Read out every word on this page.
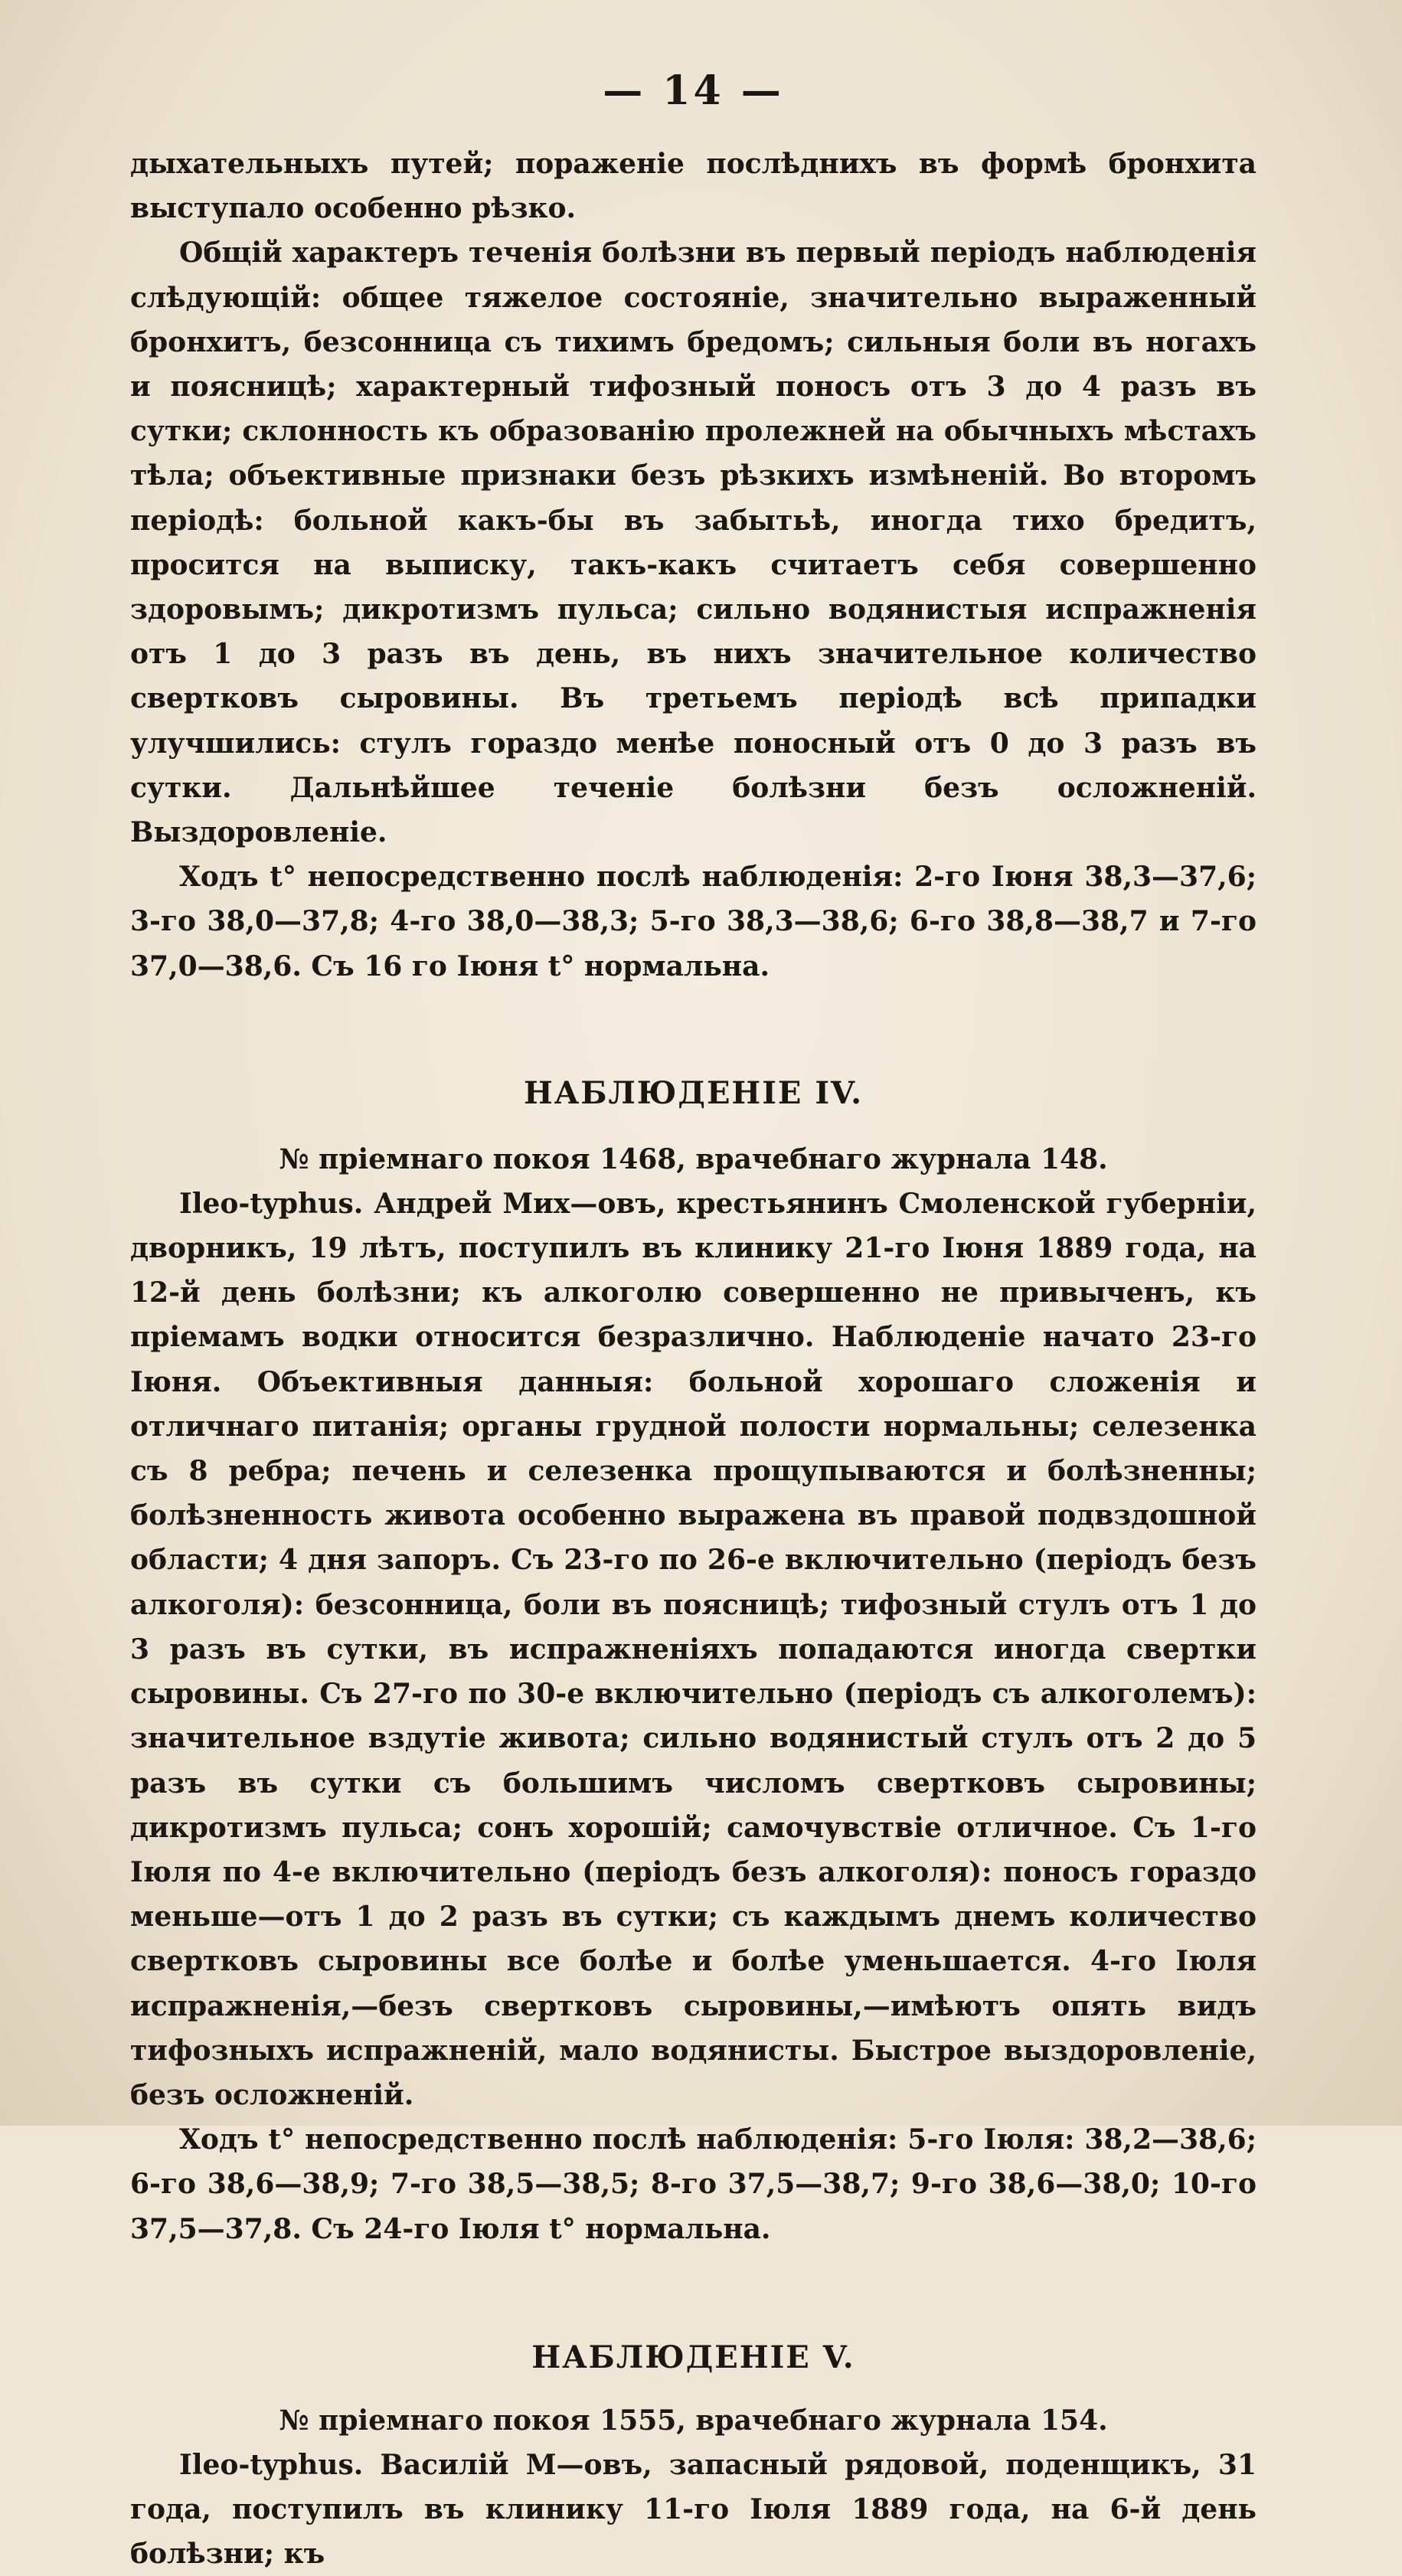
— 14 —

дыхательныхъ путей; пораженіе послѣднихъ въ формѣ бронхита выступало особенно рѣзко.

Общій характеръ теченія болѣзни въ первый періодъ наблюденія слѣдующій: общее тяжелое состояніе, значительно выраженный бронхитъ, безсонница съ тихимъ бредомъ; сильныя боли въ ногахъ и поясницѣ; характерный тифозный поносъ отъ 3 до 4 разъ въ сутки; склонность къ образованію пролежней на обычныхъ мѣстахъ тѣла; объективные признаки безъ рѣзкихъ измѣненій. Во второмъ періодѣ: больной какъ-бы въ забытьѣ, иногда тихо бредитъ, просится на выписку, такъ-какъ считаетъ себя совершенно здоровымъ; дикротизмъ пульса; сильно водянистыя испражненія отъ 1 до 3 разъ въ день, въ нихъ значительное количество свертковъ сыровины. Въ третьемъ періодѣ всѣ припадки улучшились: стулъ гораздо менѣе поносный отъ 0 до 3 разъ въ сутки. Дальнѣйшее теченіе болѣзни безъ осложненій. Выздоровленіе.

Ходъ t° непосредственно послѣ наблюденія: 2-го Іюня 38,3—37,6; 3-го 38,0—37,8; 4-го 38,0—38,3; 5-го 38,3—38,6; 6-го 38,8—38,7 и 7-го 37,0—38,6. Съ 16 го Іюня t° нормальна.

НАБЛЮДЕНІЕ IV.
№ пріемнаго покоя 1468, врачебнаго журнала 148.

Ileo-typhus. Андрей Мих—овъ, крестьянинъ Смоленской губерніи, дворникъ, 19 лѣтъ, поступилъ въ клинику 21-го Іюня 1889 года, на 12-й день болѣзни; къ алкоголю совершенно не привыченъ, къ пріемамъ водки относится безразлично. Наблюденіе начато 23-го Іюня. Объективныя данныя: больной хорошаго сложенія и отличнаго питанія; органы грудной полости нормальны; селезенка съ 8 ребра; печень и селезенка прощупываются и болѣзненны; болѣзненность живота особенно выражена въ правой подвздошной области; 4 дня запоръ. Съ 23-го по 26-е включительно (періодъ безъ алкоголя): безсонница, боли въ поясницѣ; тифозный стулъ отъ 1 до 3 разъ въ сутки, въ испражненіяхъ попадаются иногда свертки сыровины. Съ 27-го по 30-е включительно (періодъ съ алкоголемъ): значительное вздутіе живота; сильно водянистый стулъ отъ 2 до 5 разъ въ сутки съ большимъ числомъ свертковъ сыровины; дикротизмъ пульса; сонъ хорошій; самочувствіе отличное. Съ 1-го Іюля по 4-е включительно (періодъ безъ алкоголя): поносъ гораздо меньше—отъ 1 до 2 разъ въ сутки; съ каждымъ днемъ количество свертковъ сыровины все болѣе и болѣе уменьшается. 4-го Іюля испражненія,—безъ свертковъ сыровины,—имѣютъ опять видъ тифозныхъ испражненій, мало водянисты. Быстрое выздоровленіе, безъ осложненій.

Ходъ t° непосредственно послѣ наблюденія: 5-го Іюля: 38,2—38,6; 6-го 38,6—38,9; 7-го 38,5—38,5; 8-го 37,5—38,7; 9-го 38,6—38,0; 10-го 37,5—37,8. Съ 24-го Іюля t° нормальна.

НАБЛЮДЕНІЕ V.
№ пріемнаго покоя 1555, врачебнаго журнала 154.

Ileo-typhus. Василій М—овъ, запасный рядовой, поденщикъ, 31 года, поступилъ въ клинику 11-го Іюля 1889 года, на 6-й день болѣзни; къ
